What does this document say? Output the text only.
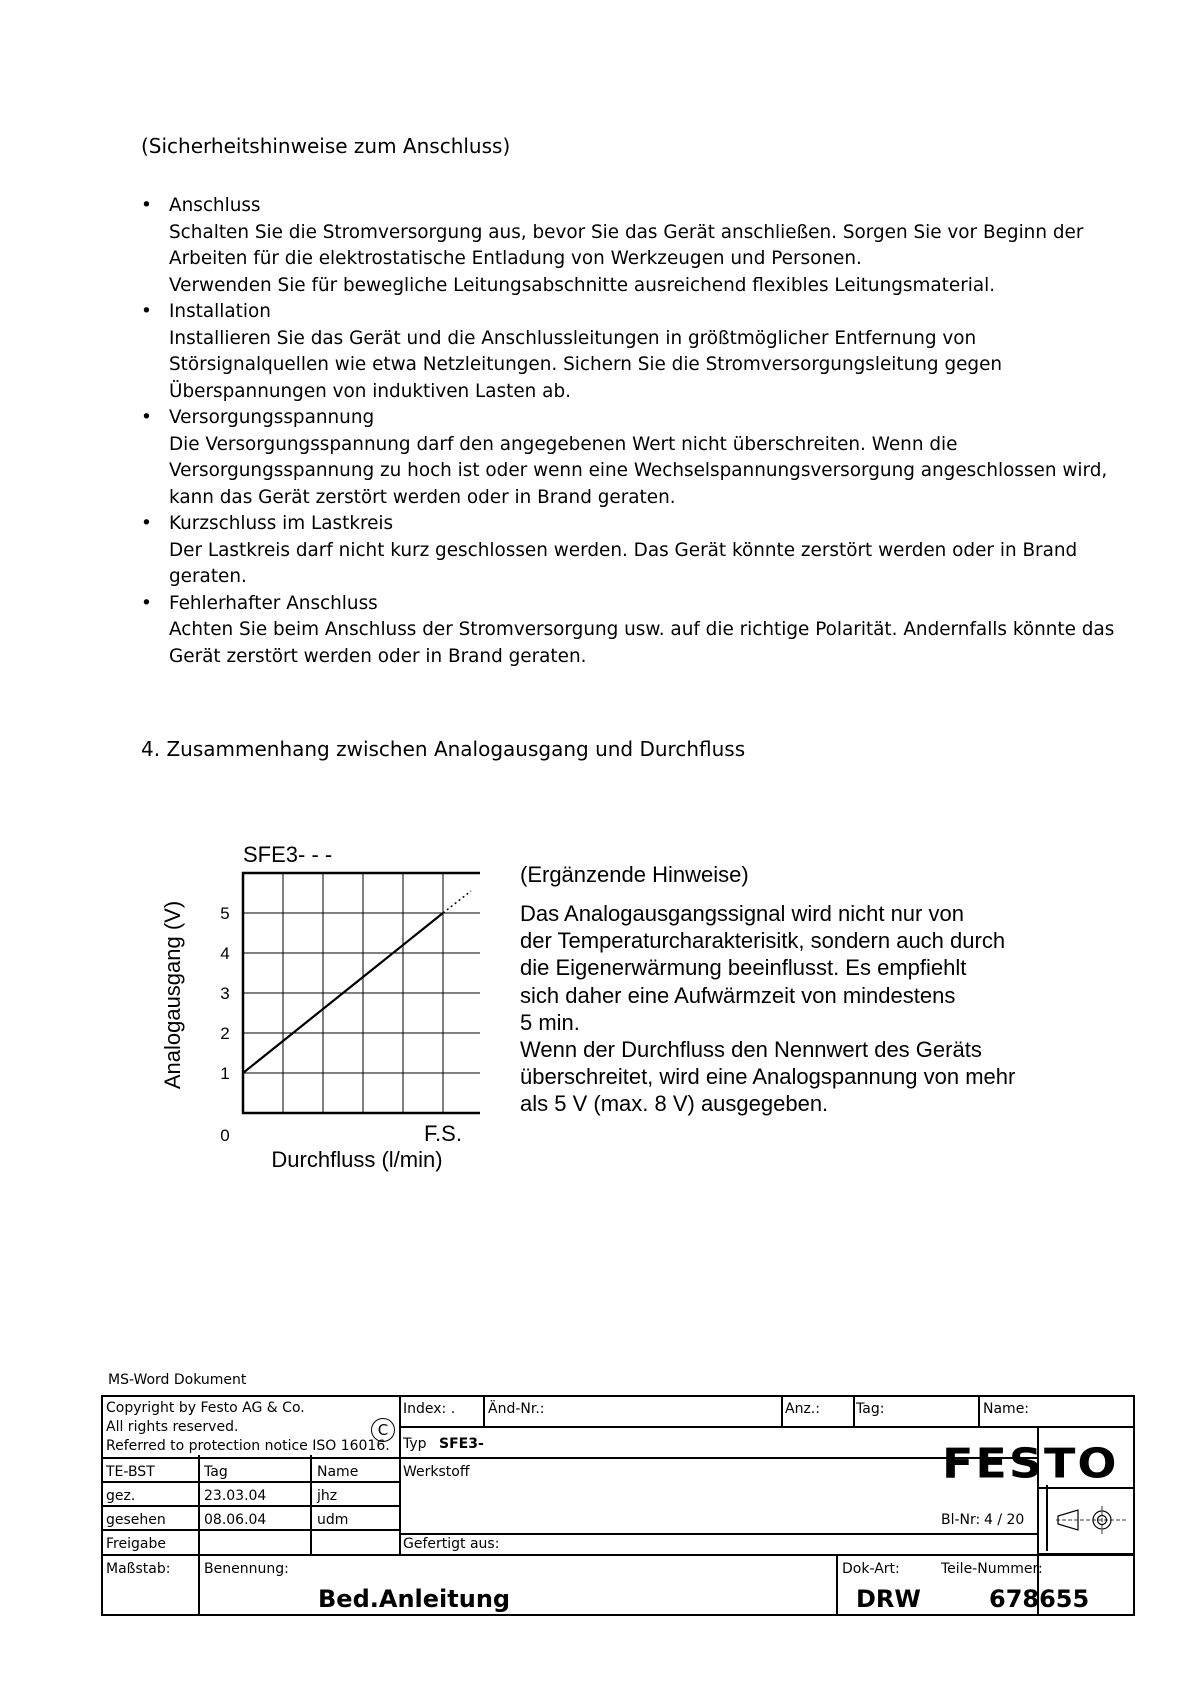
(Sicherheitshinweise zum Anschluss)
• Anschluss
Schalten Sie die Stromversorgung aus, bevor Sie das Gerät anschließen. Sorgen Sie vor Beginn der
Arbeiten für die elektrostatische Entladung von Werkzeugen und Personen.
Verwenden Sie für bewegliche Leitungsabschnitte ausreichend flexibles Leitungsmaterial.
• Installation
Installieren Sie das Gerät und die Anschlussleitungen in größtmöglicher Entfernung von
Störsignalquellen wie etwa Netzleitungen. Sichern Sie die Stromversorgungsleitung gegen
Überspannungen von induktiven Lasten ab.
• Versorgungsspannung
Die Versorgungsspannung darf den angegebenen Wert nicht überschreiten. Wenn die
Versorgungsspannung zu hoch ist oder wenn eine Wechselspannungsversorgung angeschlossen wird,
kann das Gerät zerstört werden oder in Brand geraten.
• Kurzschluss im Lastkreis
Der Lastkreis darf nicht kurz geschlossen werden. Das Gerät könnte zerstört werden oder in Brand
geraten.
• Fehlerhafter Anschluss
Achten Sie beim Anschluss der Stromversorgung usw. auf die richtige Polarität. Andernfalls könnte das
Gerät zerstört werden oder in Brand geraten.
4. Zusammenhang zwischen Analogausgang und Durchfluss
SFE3- - -
Analogausgang (V)
Durchfluss (l/min)
1
2
3
4
5
0	F.S.
(Ergänzende Hinweise)
Das Analogausgangssignal wird nicht nur von
der Temperaturcharakterisitk, sondern auch durch
die Eigenerwärmung beeinflusst. Es empfiehlt
sich daher eine Aufwärmzeit von mindestens
5 min.
Wenn der Durchfluss den Nennwert des Geräts
überschreitet, wird eine Analogspannung von mehr
als 5 V (max. 8 V) ausgegeben.
MS-Word Dokument
Copyright by Festo AG & Co.
All rights reserved.
Referred to protection notice ISO 16016.
C
Index: . Änd-Nr.:	Anz.:	Tag:	Name:
Typ SFE3-
Werkstoff
Gefertigt aus:
TE-BST	Tag	Name
gez.	23.03.04	jhz
gesehen	08.06.04	udm
Freigabe
FESTO
Bl-Nr: 4 / 20
Maßstab: Benennung:
Bed.Anleitung
Dok-Art:
DRW
Teile-Nummer:
678655
